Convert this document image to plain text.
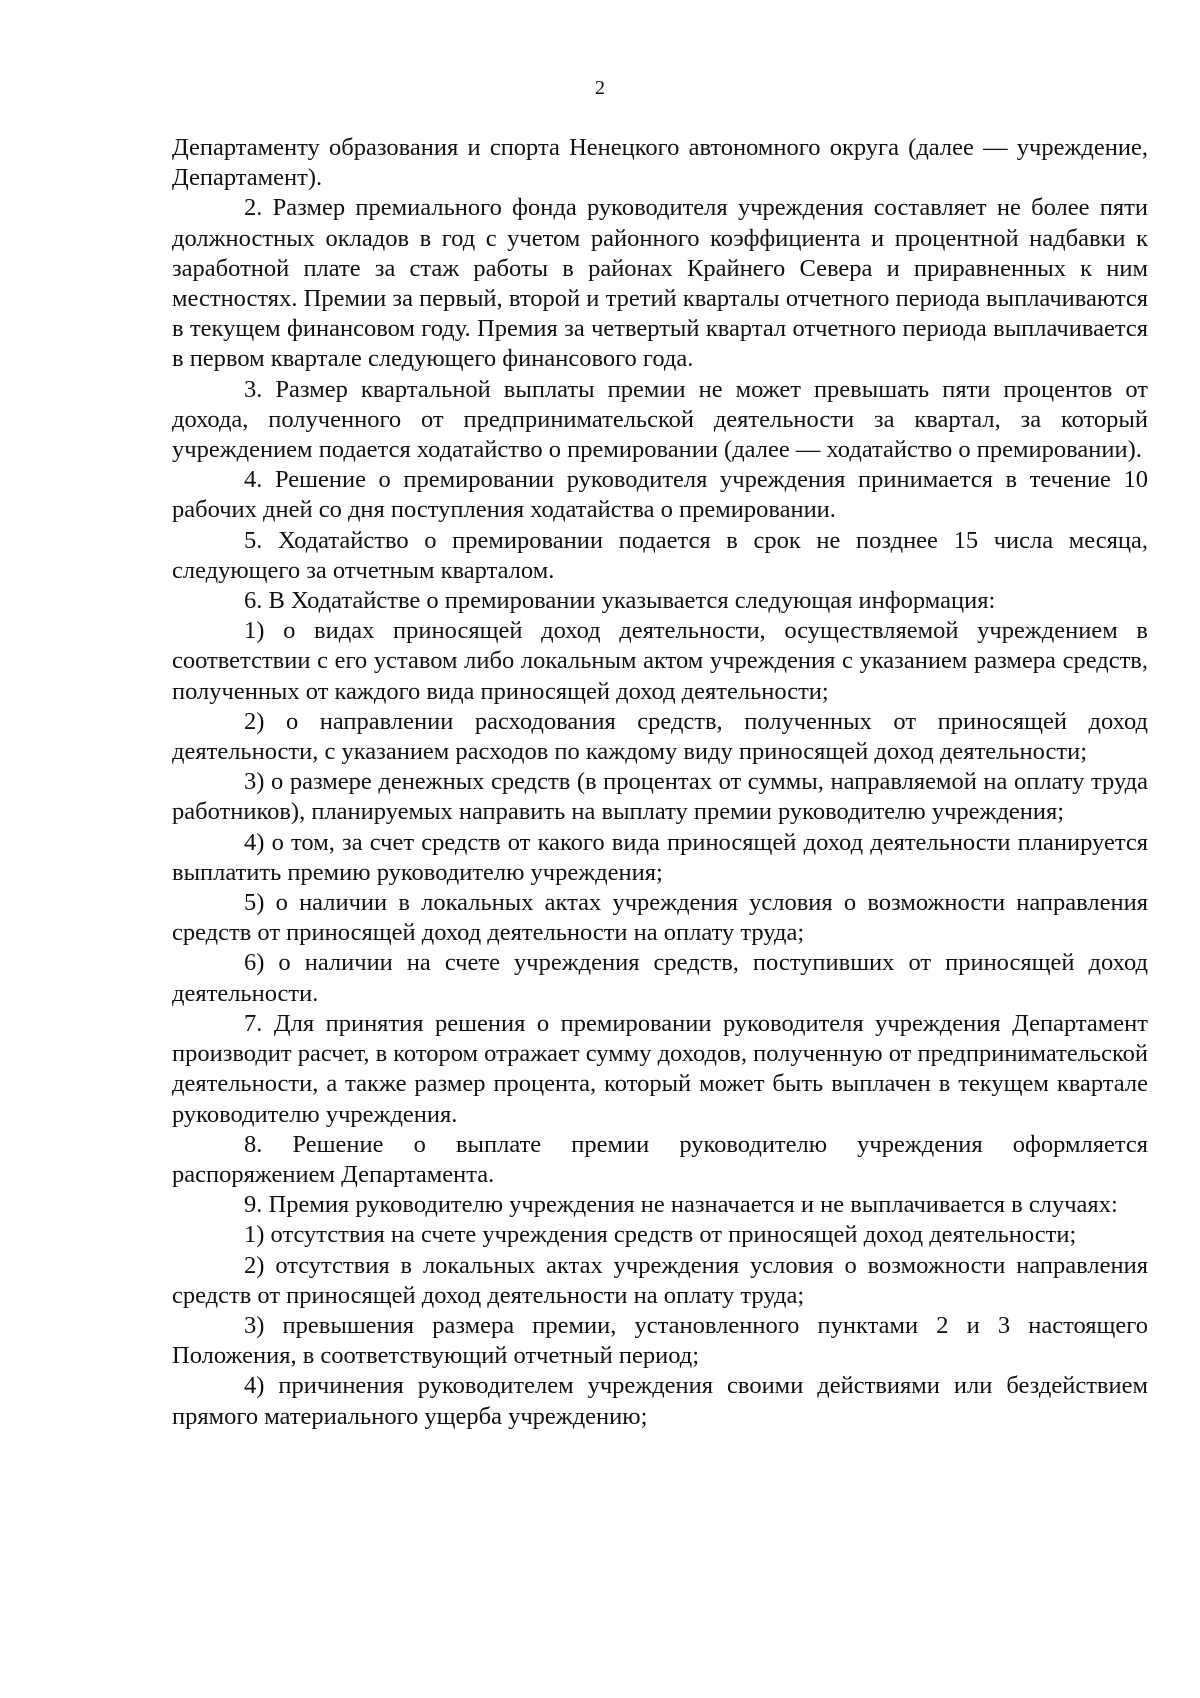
2

Департаменту образования и спорта Ненецкого автономного округа (далее — учреждение, Департамент).

2. Размер премиального фонда руководителя учреждения составляет не более пяти должностных окладов в год с учетом районного коэффициента и процентной надбавки к заработной плате за стаж работы в районах Крайнего Севера и приравненных к ним местностях. Премии за первый, второй и третий кварталы отчетного периода выплачиваются в текущем финансовом году. Премия за четвертый квартал отчетного периода выплачивается в первом квартале следующего финансового года.

3. Размер квартальной выплаты премии не может превышать пяти процентов от дохода, полученного от предпринимательской деятельности за квартал, за который учреждением подается ходатайство о премировании (далее — ходатайство о премировании).

4. Решение о премировании руководителя учреждения принимается в течение 10 рабочих дней со дня поступления ходатайства о премировании.

5. Ходатайство о премировании подается в срок не позднее 15 числа месяца, следующего за отчетным кварталом.

6. В Ходатайстве о премировании указывается следующая информация:

1) о видах приносящей доход деятельности, осуществляемой учреждением в соответствии с его уставом либо локальным актом учреждения с указанием размера средств, полученных от каждого вида приносящей доход деятельности;

2) о направлении расходования средств, полученных от приносящей доход деятельности, с указанием расходов по каждому виду приносящей доход деятельности;

3) о размере денежных средств (в процентах от суммы, направляемой на оплату труда работников), планируемых направить на выплату премии руководителю учреждения;

4) о том, за счет средств от какого вида приносящей доход деятельности планируется выплатить премию руководителю учреждения;

5) о наличии в локальных актах учреждения условия о возможности направления средств от приносящей доход деятельности на оплату труда;

6) о наличии на счете учреждения средств, поступивших от приносящей доход деятельности.

7. Для принятия решения о премировании руководителя учреждения Департамент производит расчет, в котором отражает сумму доходов, полученную от предпринимательской деятельности, а также размер процента, который может быть выплачен в текущем квартале руководителю учреждения.

8. Решение о выплате премии руководителю учреждения оформляется распоряжением Департамента.

9. Премия руководителю учреждения не назначается и не выплачивается в случаях:

1) отсутствия на счете учреждения средств от приносящей доход деятельности;

2) отсутствия в локальных актах учреждения условия о возможности направления средств от приносящей доход деятельности на оплату труда;

3) превышения размера премии, установленного пунктами 2 и 3 настоящего Положения, в соответствующий отчетный период;

4) причинения руководителем учреждения своими действиями или бездействием прямого материального ущерба учреждению;
